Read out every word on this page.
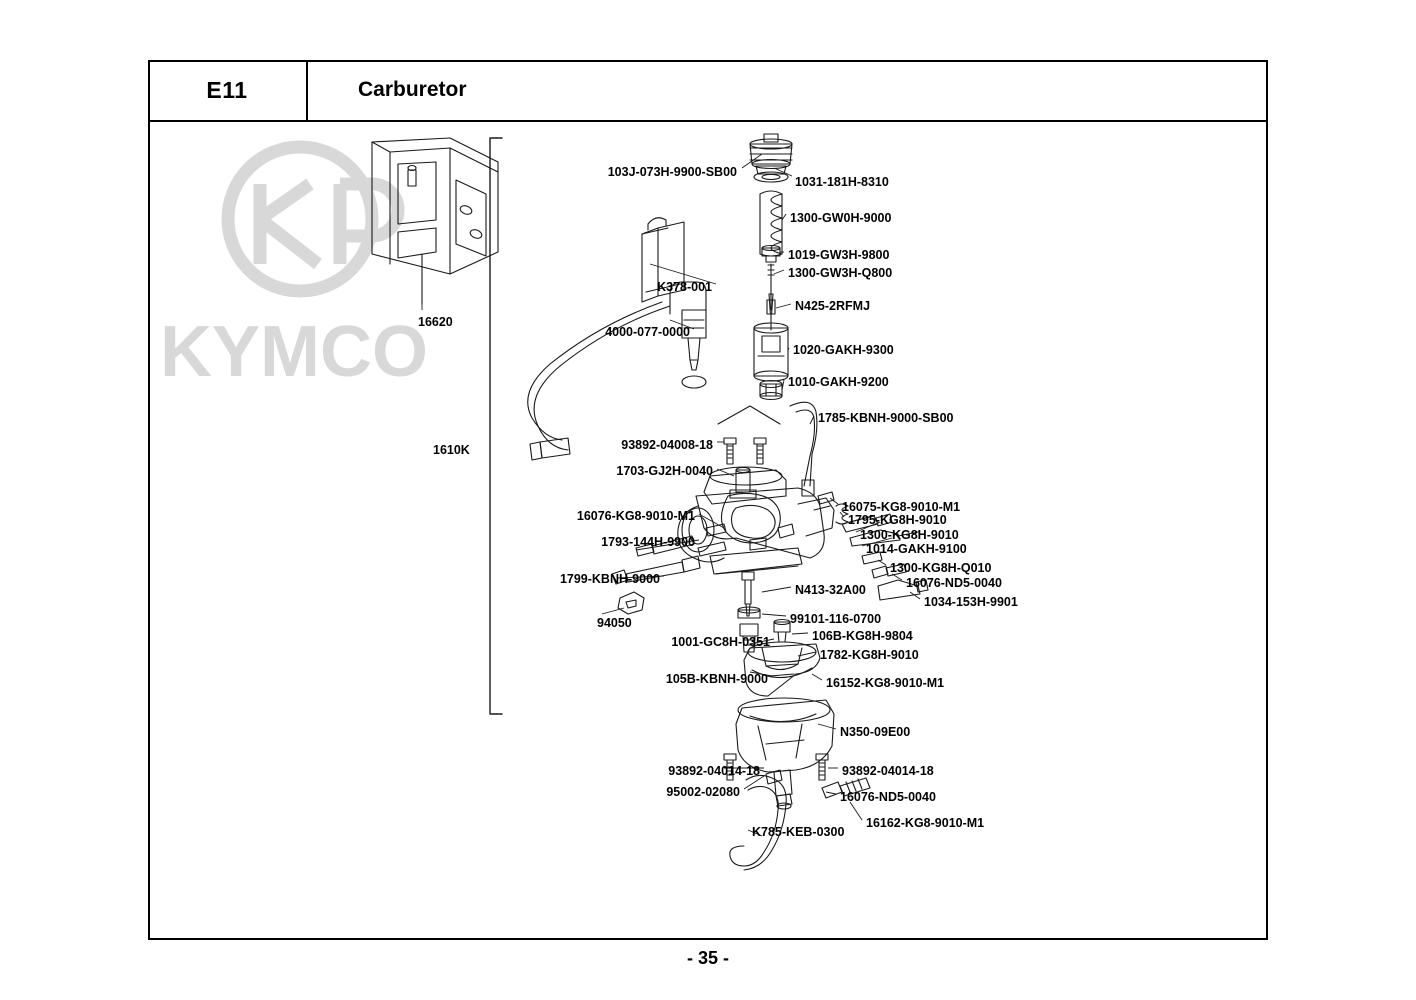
E11	Carburetor
KYMCO
1610K
16620
103J-073H-9900-SB00
1031-181H-8310
1300-GW0H-9000
1019-GW3H-9800
1300-GW3H-Q800
N425-2RFMJ
K378-001
4000-077-0000
1020-GAKH-9300
1010-GAKH-9200
1785-KBNH-9000-SB00
93892-04008-18
1703-GJ2H-0040
16076-KG8-9010-M1
1793-144H-9900
1799-KBNH-9000
94050
16075-KG8-9010-M1
1795-KG8H-9010
1300-KG8H-9010
1014-GAKH-9100
1300-KG8H-Q010
16076-ND5-0040
1034-153H-9901
N413-32A00
99101-116-0700
106B-KG8H-9804
1001-GC8H-0351
1782-KG8H-9010
105B-KBNH-9000	16152-KG8-9010-M1
N350-09E00
93892-04014-18	93892-04014-18
95002-02080	16076-ND5-0040
16162-KG8-9010-M1
K785-KEB-0300
- 35 -
